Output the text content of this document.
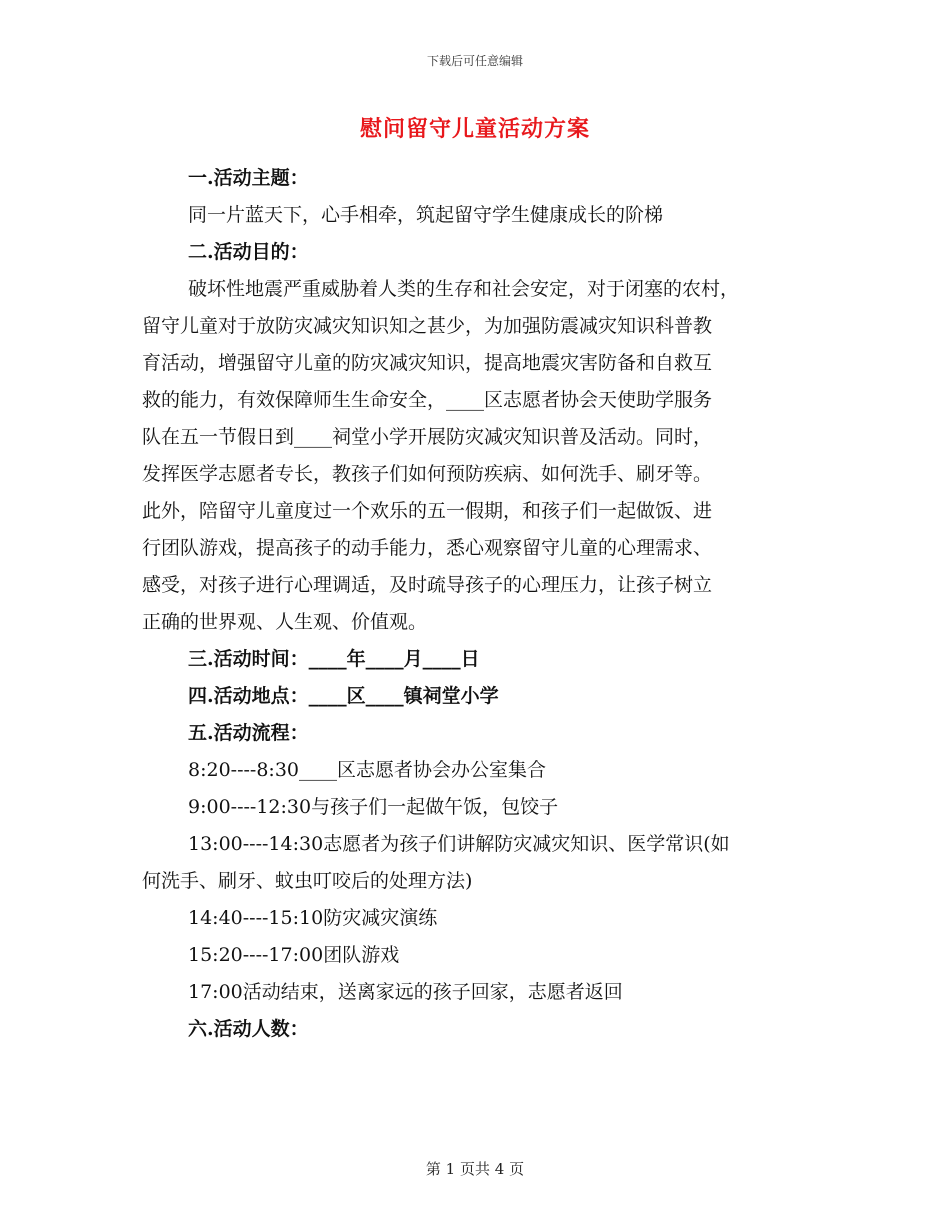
下载后可任意编辑
慰问留守儿童活动方案
一.活动主题：
同一片蓝天下，心手相牵，筑起留守学生健康成长的阶梯
二.活动目的：
破坏性地震严重威胁着人类的生存和社会安定，对于闭塞的农村，
留守儿童对于放防灾减灾知识知之甚少，为加强防震减灾知识科普教
育活动，增强留守儿童的防灾减灾知识，提高地震灾害防备和自救互
救的能力，有效保障师生生命安全，____区志愿者协会天使助学服务
队在五一节假日到____祠堂小学开展防灾减灾知识普及活动。同时，
发挥医学志愿者专长，教孩子们如何预防疾病、如何洗手、刷牙等。
此外，陪留守儿童度过一个欢乐的五一假期，和孩子们一起做饭、进
行团队游戏，提高孩子的动手能力，悉心观察留守儿童的心理需求、
感受，对孩子进行心理调适，及时疏导孩子的心理压力，让孩子树立
正确的世界观、人生观、价值观。
三.活动时间：____年____月____日
四.活动地点：____区____镇祠堂小学
五.活动流程：
8:20----8:30____区志愿者协会办公室集合
9:00----12:30与孩子们一起做午饭，包饺子
13:00----14:30志愿者为孩子们讲解防灾减灾知识、医学常识(如
何洗手、刷牙、蚊虫叮咬后的处理方法)
14:40----15:10防灾减灾演练
15:20----17:00团队游戏
17:00活动结束，送离家远的孩子回家，志愿者返回
六.活动人数：
第 1 页共 4 页
